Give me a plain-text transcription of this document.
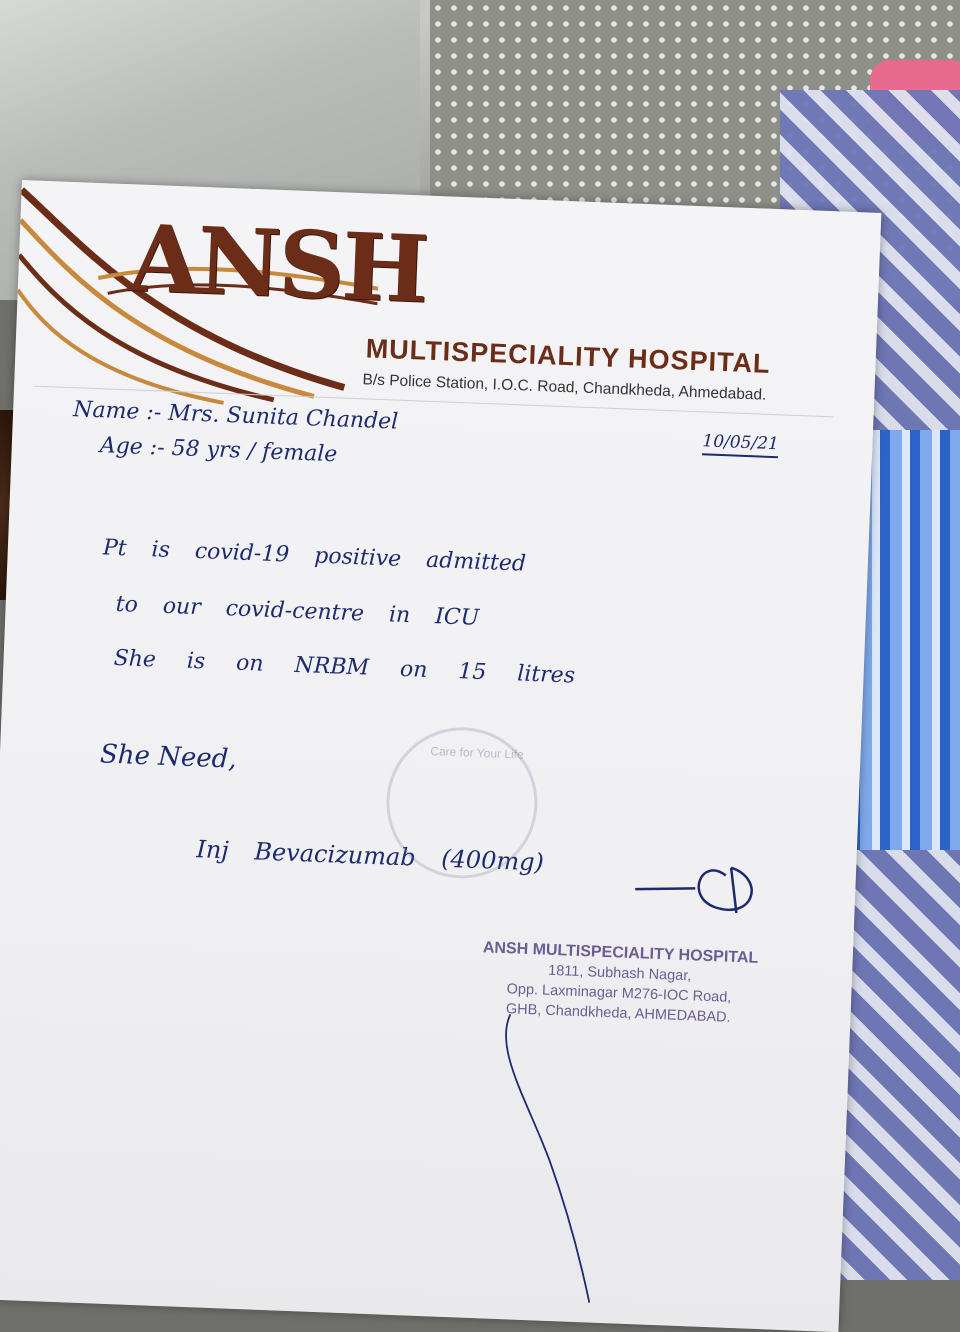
ANSH
MULTISPECIALITY HOSPITAL
B/s Police Station, I.O.C. Road, Chandkheda, Ahmedabad.
Name :- Mrs. Sunita Chandel
Age :- 58 yrs / female	10/05/21
Pt is covid-19 positive admitted
to our covid-centre in ICU
She is on NRBM on 15 litres
She Need,
Inj Bevacizumab (400mg)
Care for Your Life
ANSH MULTISPECIALITY HOSPITAL
1811, Subhash Nagar,
Opp. Laxminagar M276-IOC Road,
GHB, Chandkheda, AHMEDABAD.
